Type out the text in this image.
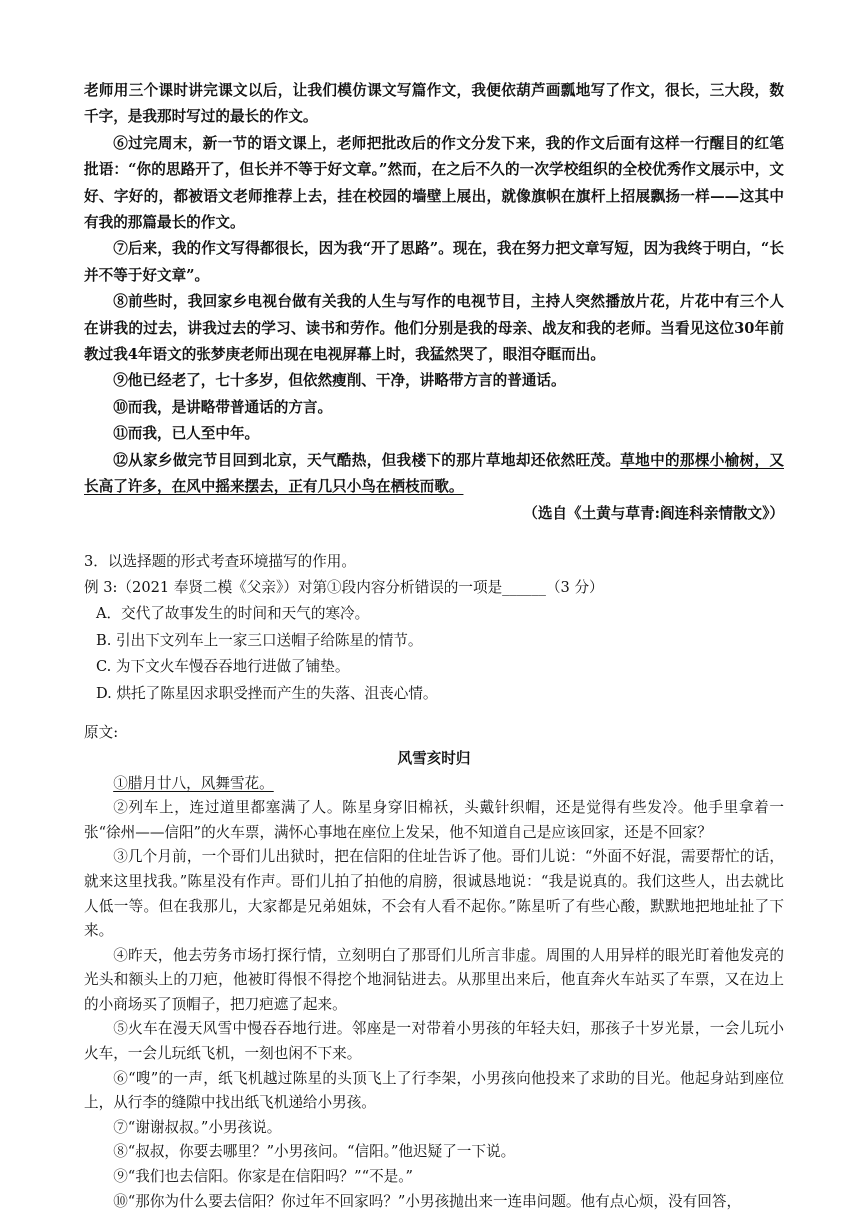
老师用三个课时讲完课文以后，让我们模仿课文写篇作文，我便依葫芦画瓢地写了作文，很长，三大段，数千字，是我那时写过的最长的作文。

⑥过完周末，新一节的语文课上，老师把批改后的作文分发下来，我的作文后面有这样一行醒目的红笔批语：“你的思路开了，但长并不等于好文章。”然而，在之后不久的一次学校组织的全校优秀作文展示中，文好、字好的，都被语文老师推荐上去，挂在校园的墙壁上展出，就像旗帜在旗杆上招展飘扬一样——这其中有我的那篇最长的作文。

⑦后来，我的作文写得都很长，因为我“开了思路”。现在，我在努力把文章写短，因为我终于明白，“长并不等于好文章”。

⑧前些时，我回家乡电视台做有关我的人生与写作的电视节目，主持人突然播放片花，片花中有三个人在讲我的过去，讲我过去的学习、读书和劳作。他们分别是我的母亲、战友和我的老师。当看见这位30年前教过我4年语文的张梦庚老师出现在电视屏幕上时，我猛然哭了，眼泪夺眶而出。

⑨他已经老了，七十多岁，但依然瘦削、干净，讲略带方言的普通话。

⑩而我，是讲略带普通话的方言。

⑪而我，已人至中年。

⑫从家乡做完节目回到北京，天气酷热，但我楼下的那片草地却还依然旺茂。草地中的那棵小榆树，又长高了许多，在风中摇来摆去，正有几只小鸟在栖枝而歌。

（选自《土黄与草青:阎连科亲情散文》）

3．以选择题的形式考查环境描写的作用。

例 3:（2021 奉贤二模《父亲》）对第①段内容分析错误的一项是______（3 分）

A．交代了故事发生的时间和天气的寒冷。

B. 引出下文列车上一家三口送帽子给陈星的情节。

C. 为下文火车慢吞吞地行进做了铺垫。

D. 烘托了陈星因求职受挫而产生的失落、沮丧心情。

原文:

风雪亥时归

①腊月廿八，风舞雪花。

②列车上，连过道里都塞满了人。陈星身穿旧棉袄，头戴针织帽，还是觉得有些发冷。他手里拿着一张“徐州——信阳”的火车票，满怀心事地在座位上发呆，他不知道自己是应该回家，还是不回家？

③几个月前，一个哥们儿出狱时，把在信阳的住址告诉了他。哥们儿说：“外面不好混，需要帮忙的话，就来这里找我。”陈星没有作声。哥们儿拍了拍他的肩膀，很诚恳地说：“我是说真的。我们这些人，出去就比人低一等。但在我那儿，大家都是兄弟姐妹，不会有人看不起你。”陈星听了有些心酸，默默地把地址扯了下来。

④昨天，他去劳务市场打探行情，立刻明白了那哥们儿所言非虚。周围的人用异样的眼光盯着他发亮的光头和额头上的刀疤，他被盯得恨不得挖个地洞钻进去。从那里出来后，他直奔火车站买了车票，又在边上的小商场买了顶帽子，把刀疤遮了起来。

⑤火车在漫天风雪中慢吞吞地行进。邻座是一对带着小男孩的年轻夫妇，那孩子十岁光景，一会儿玩小火车，一会儿玩纸飞机，一刻也闲不下来。

⑥“嗖”的一声，纸飞机越过陈星的头顶飞上了行李架，小男孩向他投来了求助的目光。他起身站到座位上，从行李的缝隙中找出纸飞机递给小男孩。

⑦“谢谢叔叔。”小男孩说。

⑧“叔叔，你要去哪里？”小男孩问。“信阳。”他迟疑了一下说。

⑨“我们也去信阳。你家是在信阳吗？”“不是。”

⑩“那你为什么要去信阳？你过年不回家吗？”小男孩抛出来一连串问题。他有点心烦，没有回答，
